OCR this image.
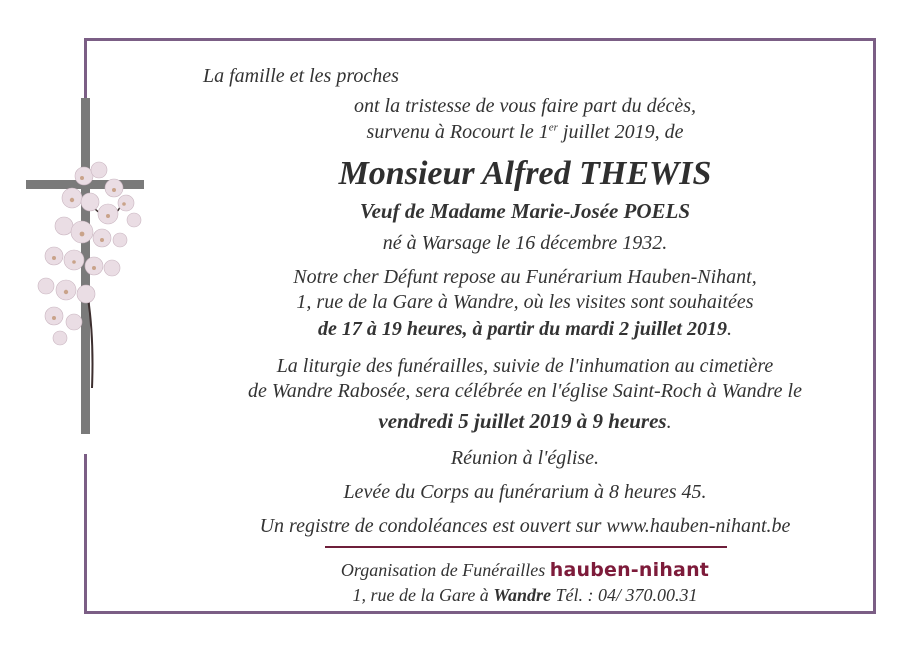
La famille et les proches
ont la tristesse de vous faire part du décès,
survenu à Rocourt le 1er juillet 2019, de
Monsieur Alfred THEWIS
Veuf de Madame Marie-Josée POELS
né à Warsage le 16 décembre 1932.
Notre cher Défunt repose au Funérarium Hauben-Nihant,
1, rue de la Gare à Wandre, où les visites sont souhaitées
de 17 à 19 heures, à partir du mardi 2 juillet 2019.
La liturgie des funérailles, suivie de l'inhumation au cimetière
de Wandre Rabosée, sera célébrée en l'église Saint-Roch à Wandre le
vendredi 5 juillet 2019 à 9 heures.
Réunion à l'église.
Levée du Corps au funérarium à 8 heures 45.
Un registre de condoléances est ouvert sur www.hauben-nihant.be
Organisation de Funérailles hauben-nihant
1, rue de la Gare à Wandre Tél. : 04/ 370.00.31
